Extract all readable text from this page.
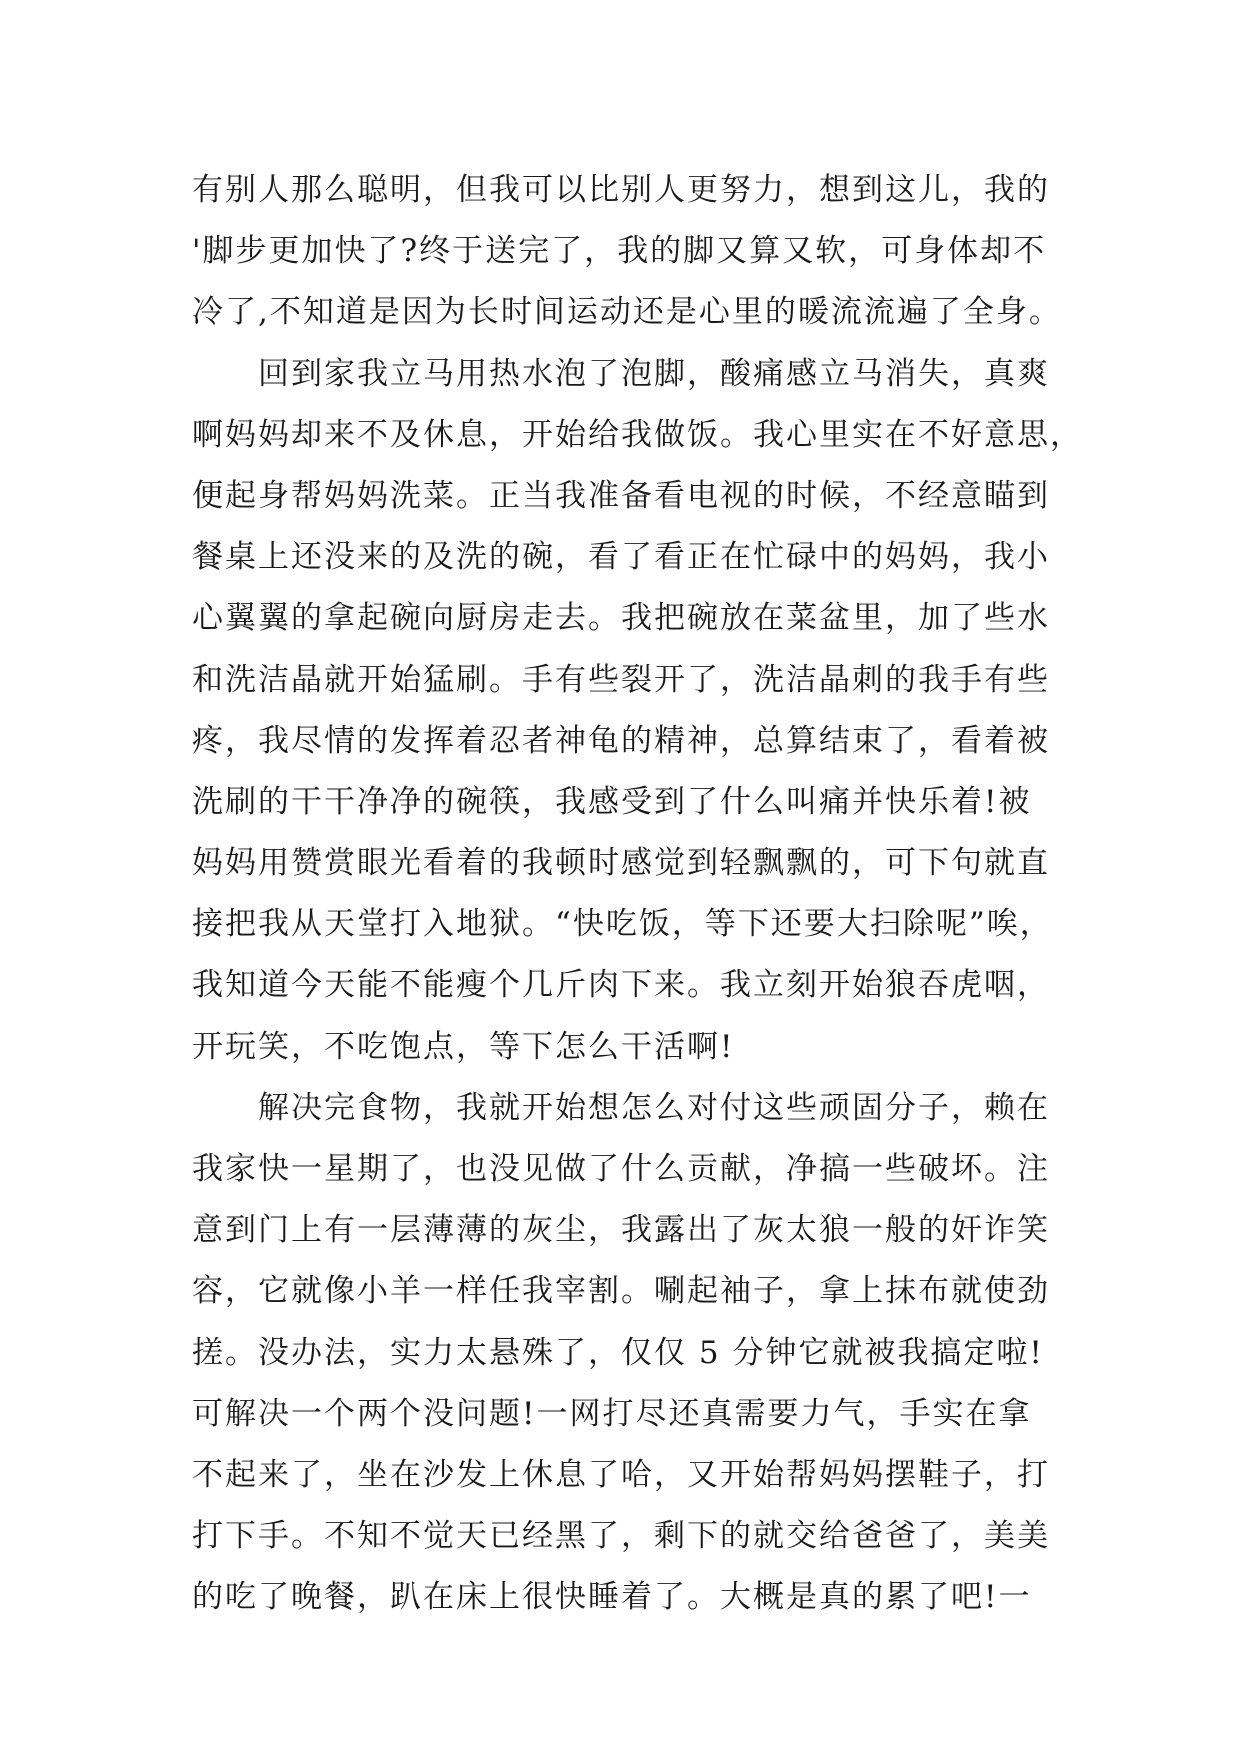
有别人那么聪明，但我可以比别人更努力，想到这儿，我的
'脚步更加快了?终于送完了，我的脚又算又软，可身体却不
冷了,不知道是因为长时间运动还是心里的暖流流遍了全身。
回到家我立马用热水泡了泡脚，酸痛感立马消失，真爽
啊妈妈却来不及休息，开始给我做饭。我心里实在不好意思，
便起身帮妈妈洗菜。正当我准备看电视的时候，不经意瞄到
餐桌上还没来的及洗的碗，看了看正在忙碌中的妈妈，我小
心翼翼的拿起碗向厨房走去。我把碗放在菜盆里，加了些水
和洗洁晶就开始猛刷。手有些裂开了，洗洁晶刺的我手有些
疼，我尽情的发挥着忍者神龟的精神，总算结束了，看着被
洗刷的干干净净的碗筷，我感受到了什么叫痛并快乐着!被
妈妈用赞赏眼光看着的我顿时感觉到轻飘飘的，可下句就直
接把我从天堂打入地狱。“快吃饭，等下还要大扫除呢”唉，
我知道今天能不能瘦个几斤肉下来。我立刻开始狼吞虎咽，
开玩笑，不吃饱点，等下怎么干活啊!
解决完食物，我就开始想怎么对付这些顽固分子，赖在
我家快一星期了，也没见做了什么贡献，净搞一些破坏。注
意到门上有一层薄薄的灰尘，我露出了灰太狼一般的奸诈笑
容，它就像小羊一样任我宰割。唰起袖子，拿上抹布就使劲
搓。没办法，实力太悬殊了，仅仅 5 分钟它就被我搞定啦!
可解决一个两个没问题!一网打尽还真需要力气，手实在拿
不起来了，坐在沙发上休息了哈，又开始帮妈妈摆鞋子，打
打下手。不知不觉天已经黑了，剩下的就交给爸爸了，美美
的吃了晚餐，趴在床上很快睡着了。大概是真的累了吧!一
